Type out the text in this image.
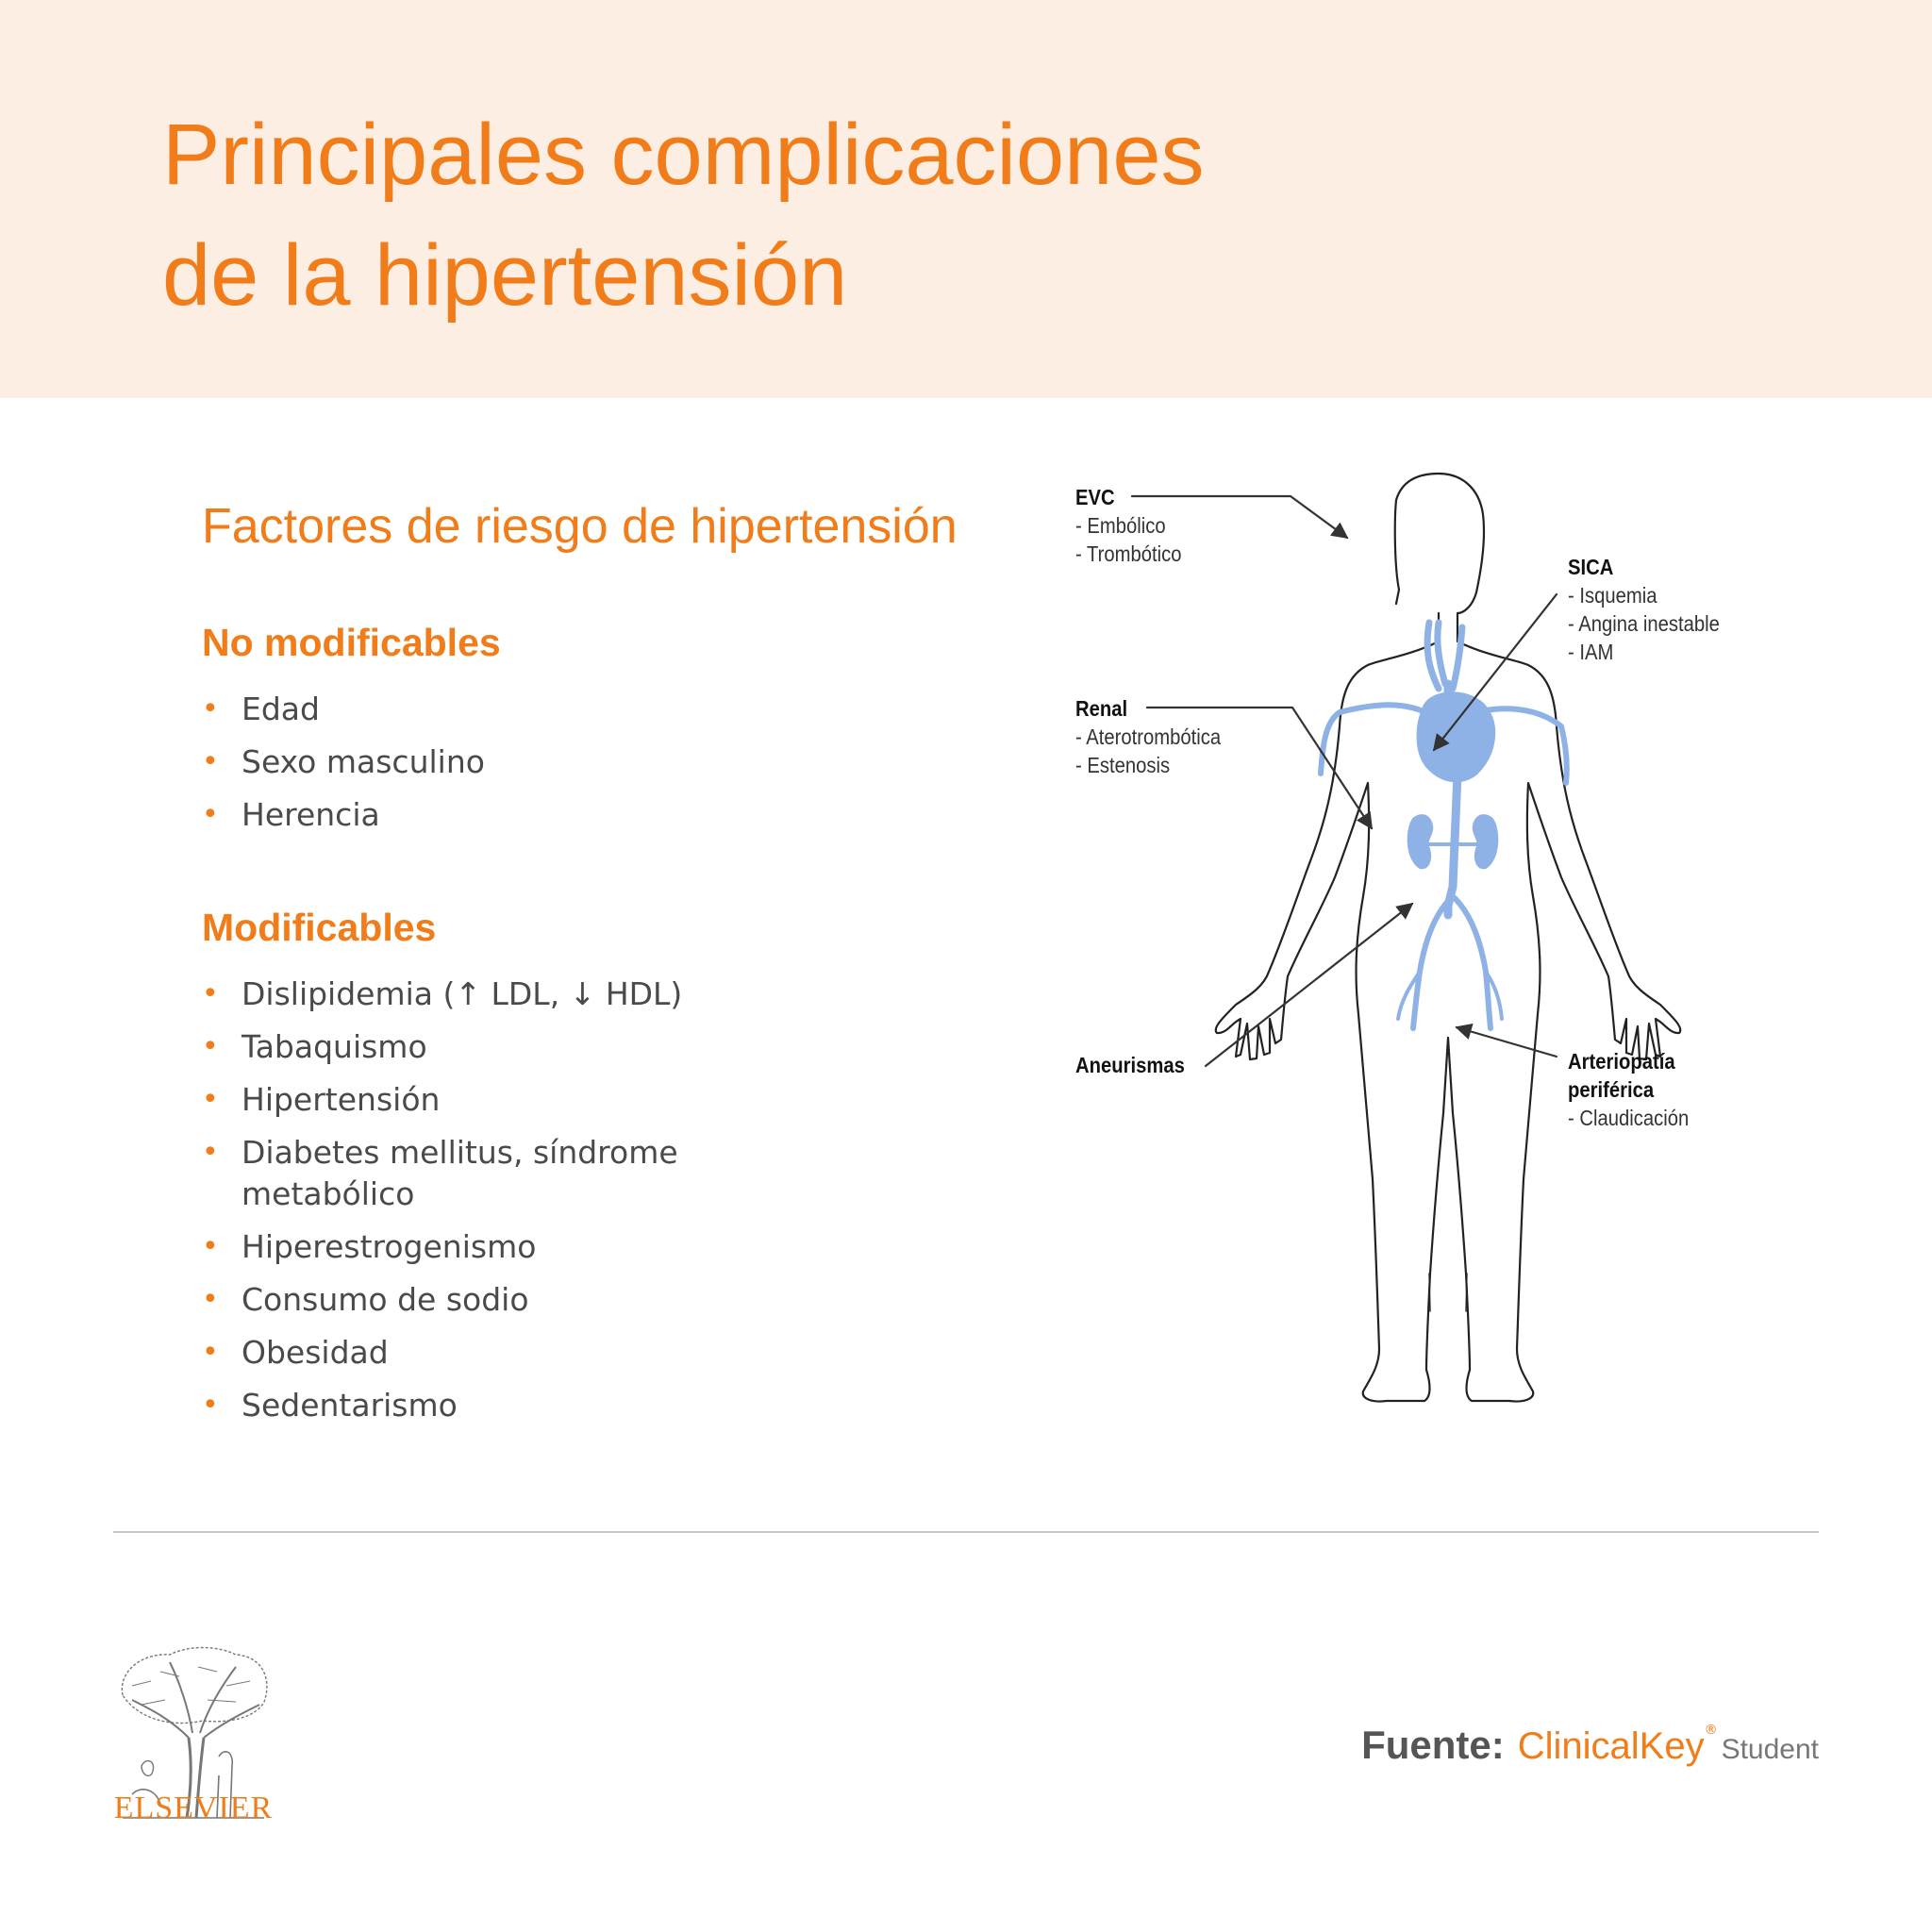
Principales complicaciones
de la hipertensión
Factores de riesgo de hipertensión
No modificables
• Edad
• Sexo masculino
• Herencia
Modificables
• Dislipidemia (↑ LDL, ↓ HDL)
• Tabaquismo
• Hipertensión
• Diabetes mellitus, síndrome metabólico
• Hiperestrogenismo
• Consumo de sodio
• Obesidad
• Sedentarismo
EVC
- Embólico
- Trombótico
SICA
- Isquemia
- Angina inestable
- IAM
Renal
- Aterotrombótica
- Estenosis
Aneurismas	Arteriopatía
periférica
- Claudicación
ELSEVIER
Fuente: ClinicalKey®Student
